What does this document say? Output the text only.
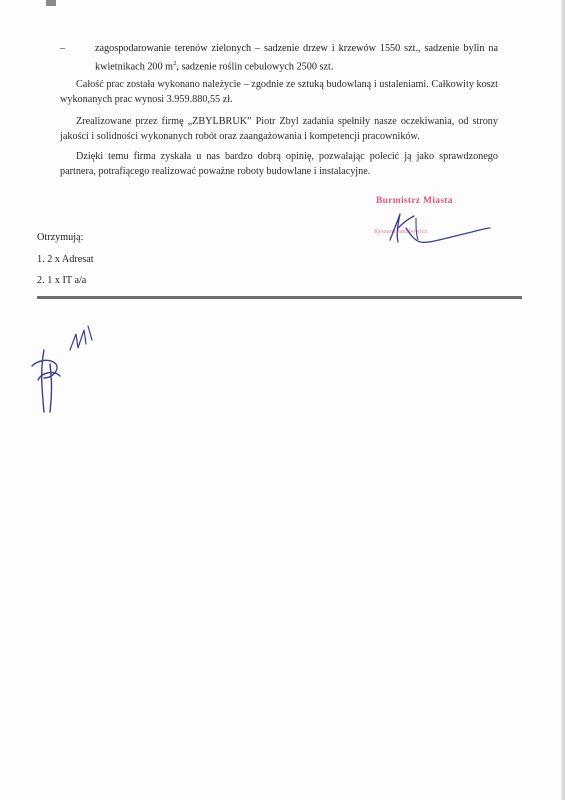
–	zagospodarowanie terenów zielonych – sadzenie drzew i krzewów 1550 szt., sadzenie bylin na kwietnikach 200 $m^2$, sadzenie roślin cebulowych 2500 szt.
Całość prac została wykonano należycie – zgodnie ze sztuką budowlaną i ustaleniami. Całkowity koszt wykonanych prac wynosi 3.959.880,55 zł.
Zrealizowane przez firmę „ZBYLBRUK” Piotr Zbyl zadania spełniły nasze oczekiwania, od strony jakości i solidności wykonanych robót oraz zaangażowania i kompetencji pracowników.
Dzięki temu firma zyskała u nas bardzo dobrą opinię, pozwalając polecić ją jako sprawdzonego partnera, potrafiącego realizować poważne roboty budowlane i instalacyjne.
Burmistrz Miasta
Ryszard Jakubowicz
Otrzymują:
1. 2 x Adresat
2. 1 x IT a/a
